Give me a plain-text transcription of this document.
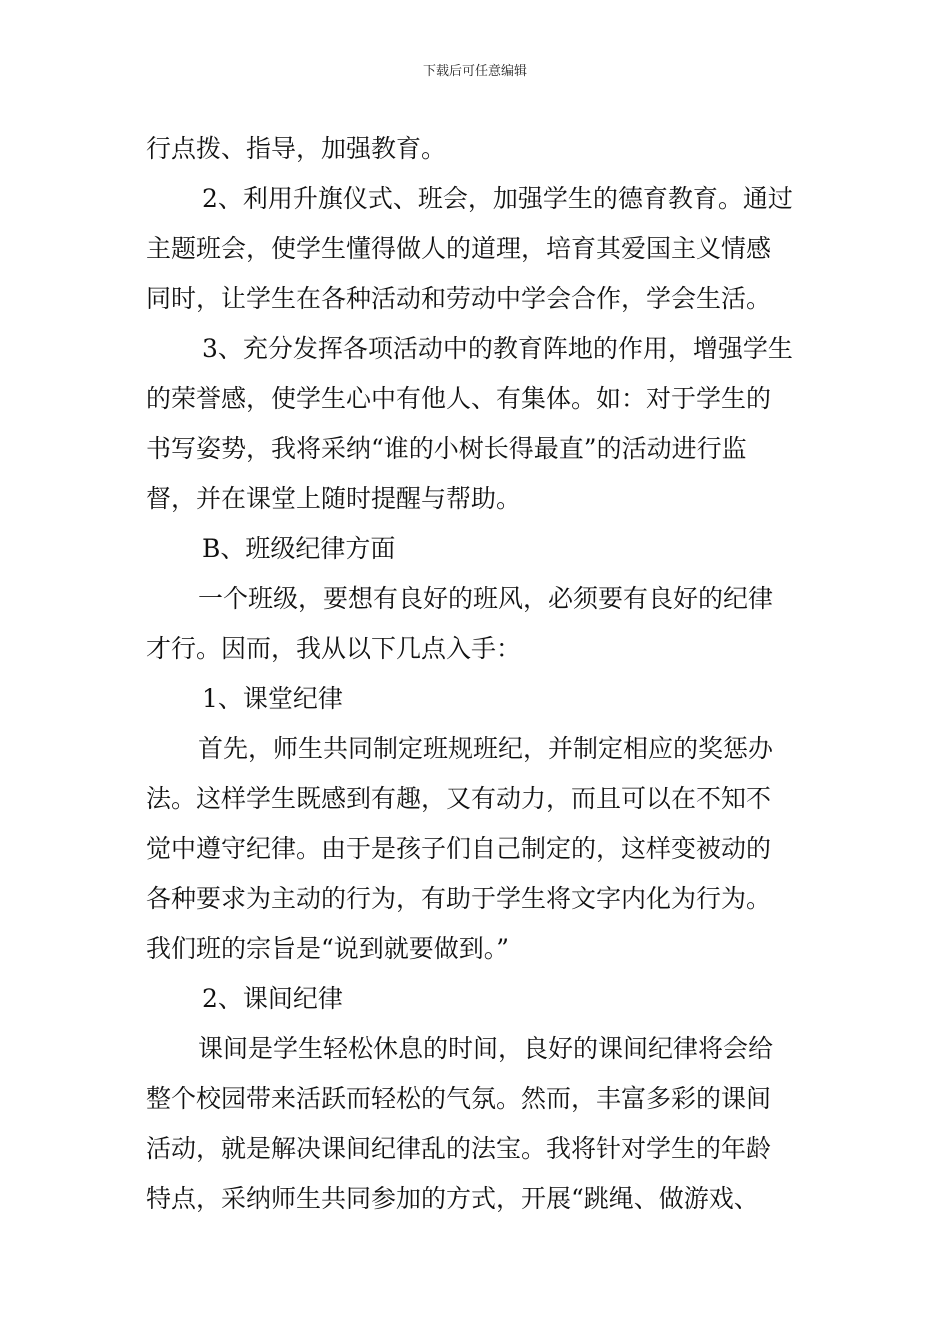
下载后可任意编辑
行点拨、指导，加强教育。
2、利用升旗仪式、班会，加强学生的德育教育。通过
主题班会，使学生懂得做人的道理，培育其爱国主义情感
同时，让学生在各种活动和劳动中学会合作，学会生活。
3、充分发挥各项活动中的教育阵地的作用，增强学生
的荣誉感，使学生心中有他人、有集体。如：对于学生的
书写姿势，我将采纳“谁的小树长得最直”的活动进行监
督，并在课堂上随时提醒与帮助。
B、班级纪律方面
一个班级，要想有良好的班风，必须要有良好的纪律
才行。因而，我从以下几点入手：
1、课堂纪律
首先，师生共同制定班规班纪，并制定相应的奖惩办
法。这样学生既感到有趣，又有动力，而且可以在不知不
觉中遵守纪律。由于是孩子们自己制定的，这样变被动的
各种要求为主动的行为，有助于学生将文字内化为行为。
我们班的宗旨是“说到就要做到。”
2、课间纪律
课间是学生轻松休息的时间，良好的课间纪律将会给
整个校园带来活跃而轻松的气氛。然而，丰富多彩的课间
活动，就是解决课间纪律乱的法宝。我将针对学生的年龄
特点，采纳师生共同参加的方式，开展“跳绳、做游戏、
